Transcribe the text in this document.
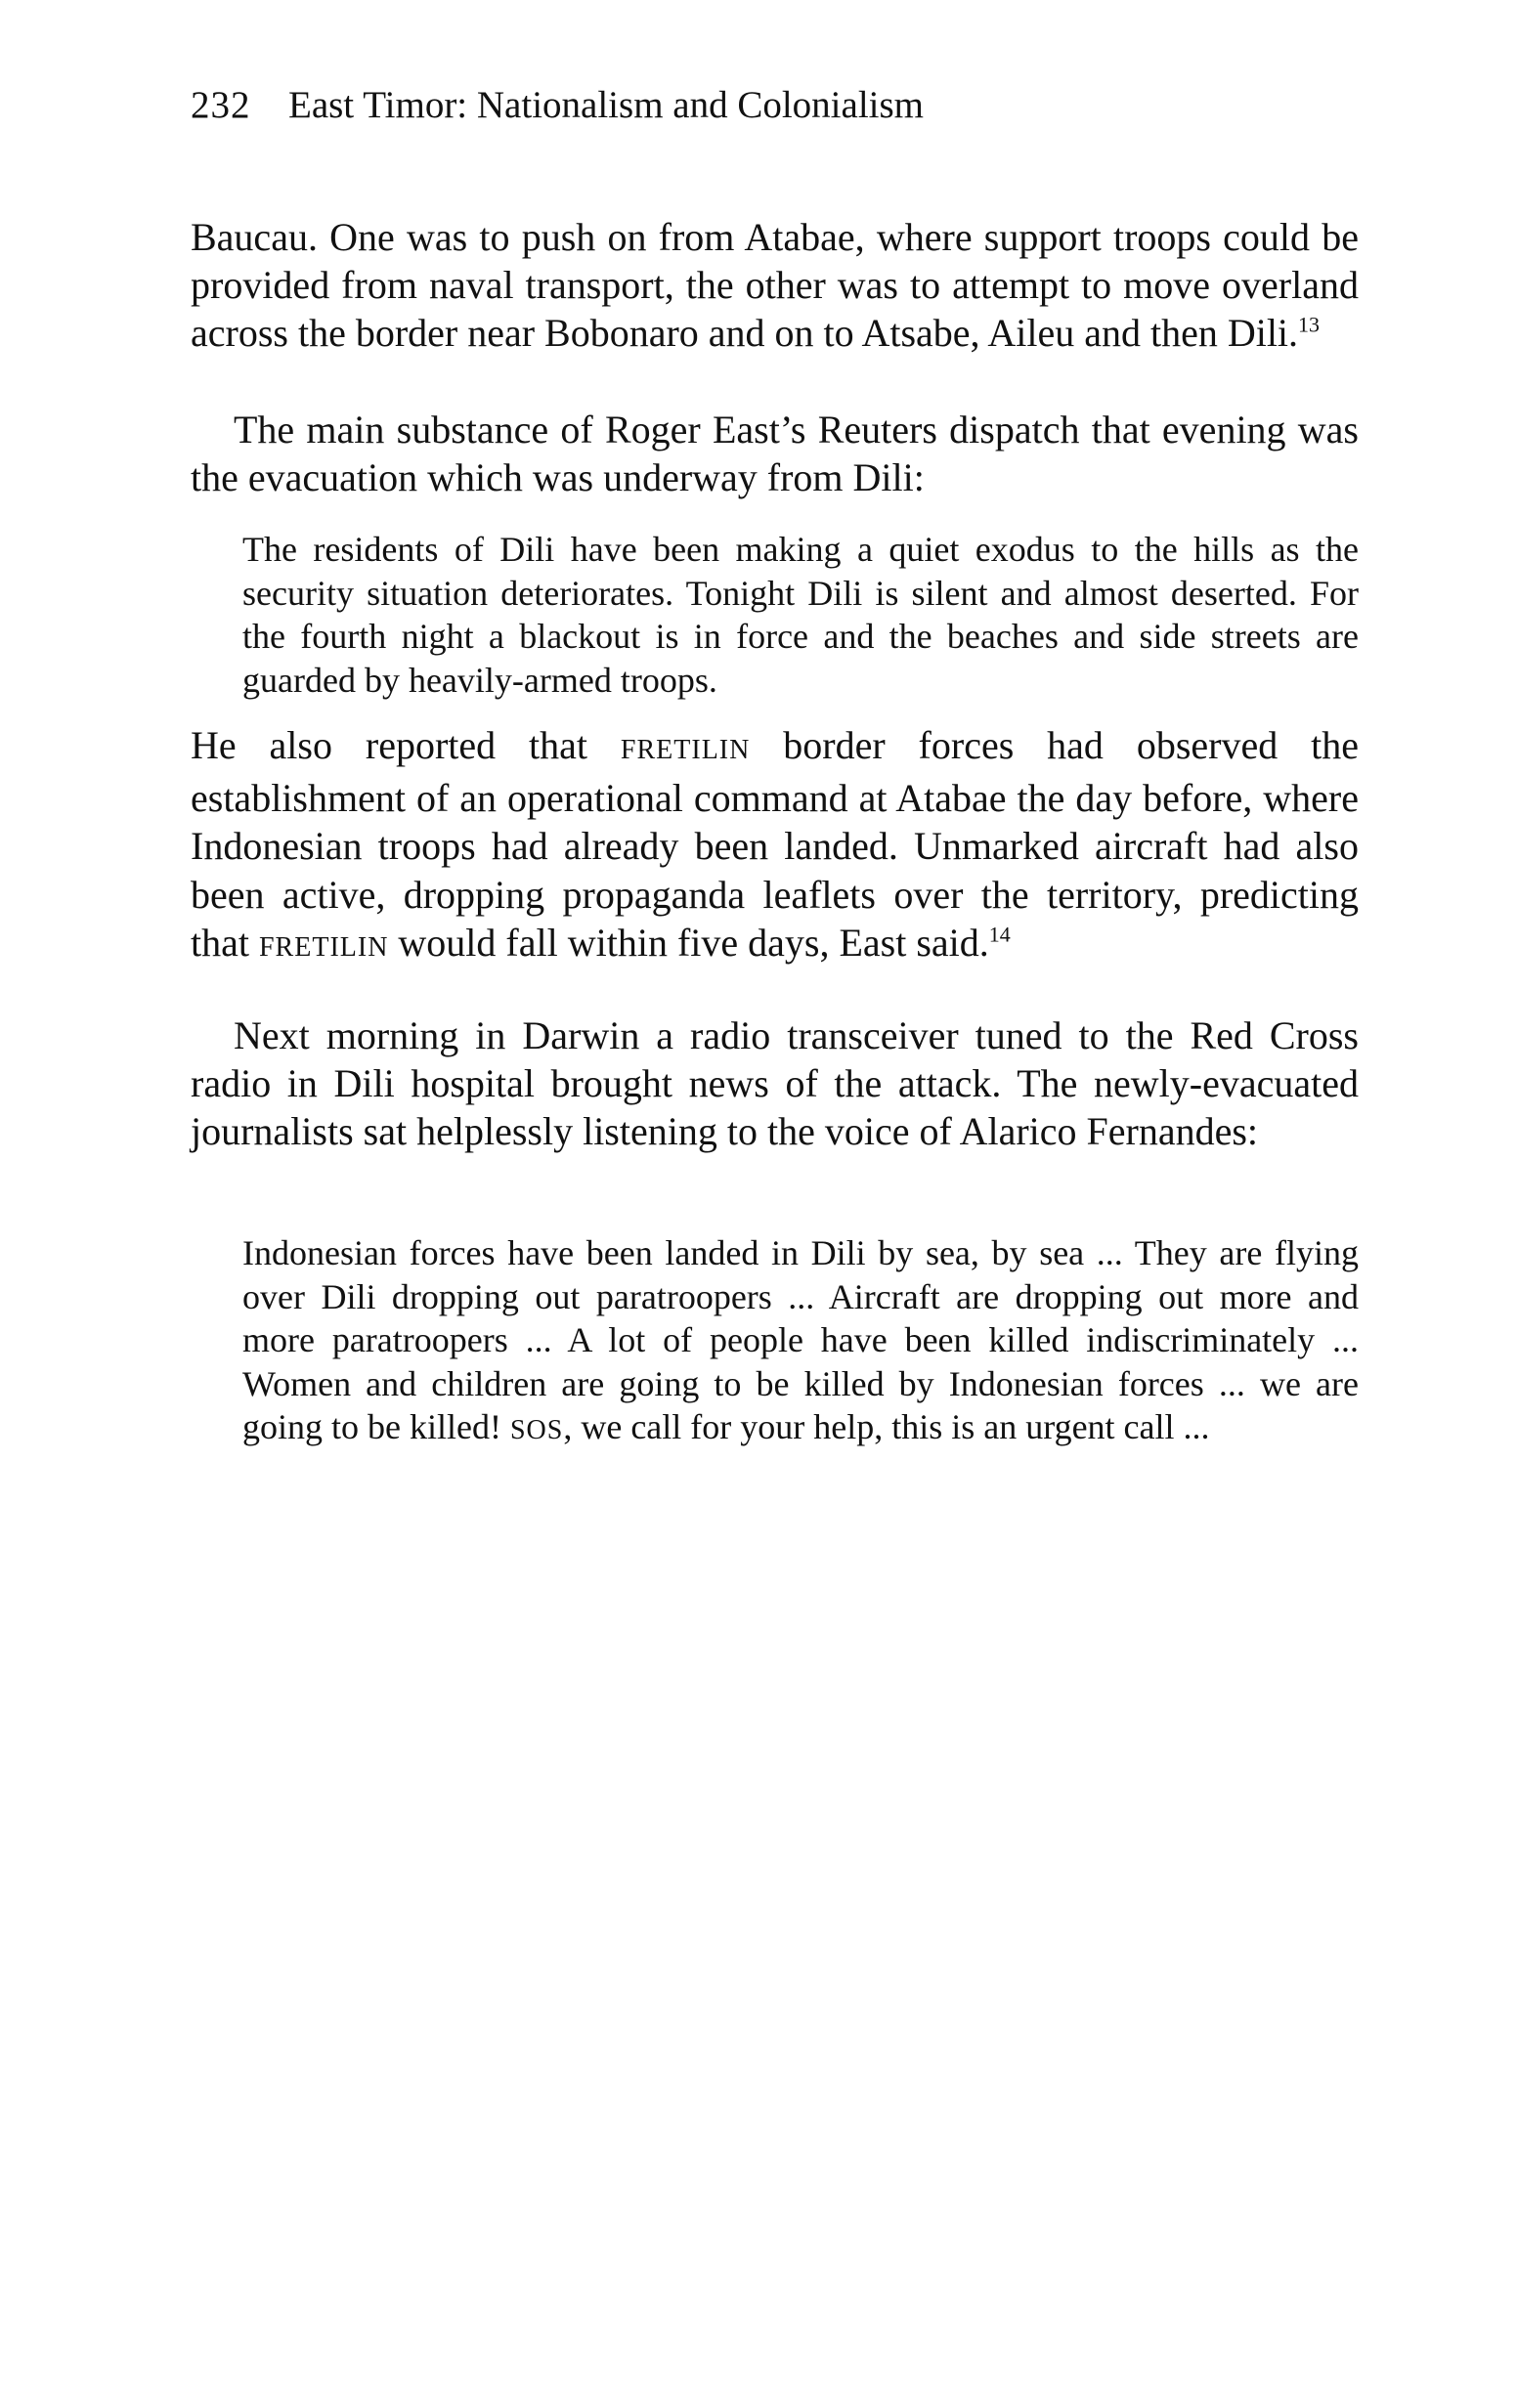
232 East Timor: Nationalism and Colonialism

Baucau. One was to push on from Atabae, where support troops could be provided from naval transport, the other was to attempt to move overland across the border near Bobonaro and on to Atsabe, Aileu and then Dili.$^{13}$

The main substance of Roger East’s Reuters dispatch that evening was the evacuation which was underway from Dili:

The residents of Dili have been making a quiet exodus to the hills as the security situation deteriorates. Tonight Dili is silent and almost deserted. For the fourth night a blackout is in force and the beaches and side streets are guarded by heavily-armed troops.

He also reported that FRETILIN border forces had observed the establishment of an operational command at Atabae the day before, where Indonesian troops had already been landed. Unmarked aircraft had also been active, dropping propaganda leaflets over the territory, predicting that FRETILIN would fall within five days, East said.$^{14}$

Next morning in Darwin a radio transceiver tuned to the Red Cross radio in Dili hospital brought news of the attack. The newly-evacuated journalists sat helplessly listening to the voice of Alarico Fernandes:

Indonesian forces have been landed in Dili by sea, by sea ... They are flying over Dili dropping out paratroopers ... Aircraft are dropping out more and more paratroopers ... A lot of people have been killed indiscriminately ... Women and children are going to be killed by Indonesian forces ... we are going to be killed! SOS, we call for your help, this is an urgent call ...
